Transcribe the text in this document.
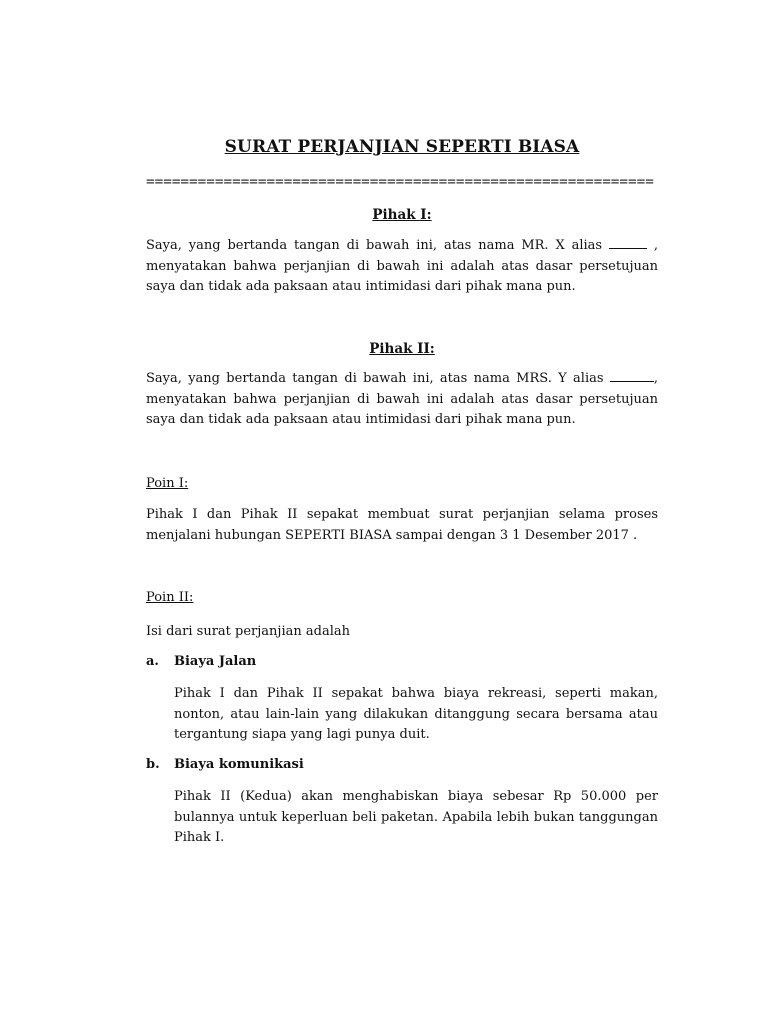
SURAT PERJANJIAN SEPERTI BIASA
===========================================================
Pihak I:
Saya, yang bertanda tangan di bawah ini, atas nama MR. X alias	, menyatakan bahwa perjanjian di bawah ini adalah atas dasar persetujuan saya dan tidak ada paksaan atau intimidasi dari pihak mana pun.
Pihak II:
Saya, yang bertanda tangan di bawah ini, atas nama MRS. Y alias	, menyatakan bahwa perjanjian di bawah ini adalah atas dasar persetujuan saya dan tidak ada paksaan atau intimidasi dari pihak mana pun.
Poin I:
Pihak I dan Pihak II sepakat membuat surat perjanjian selama proses menjalani hubungan SEPERTI BIASA sampai dengan 3 1 Desember 2017 .
Poin II:
Isi dari surat perjanjian adalah
a.	Biaya Jalan
Pihak I dan Pihak II sepakat bahwa biaya rekreasi, seperti makan, nonton, atau lain-lain yang dilakukan ditanggung secara bersama atau tergantung siapa yang lagi punya duit.
b.	Biaya komunikasi
Pihak II (Kedua) akan menghabiskan biaya sebesar Rp 50.000 per bulannya untuk keperluan beli paketan. Apabila lebih bukan tanggungan Pihak I.
